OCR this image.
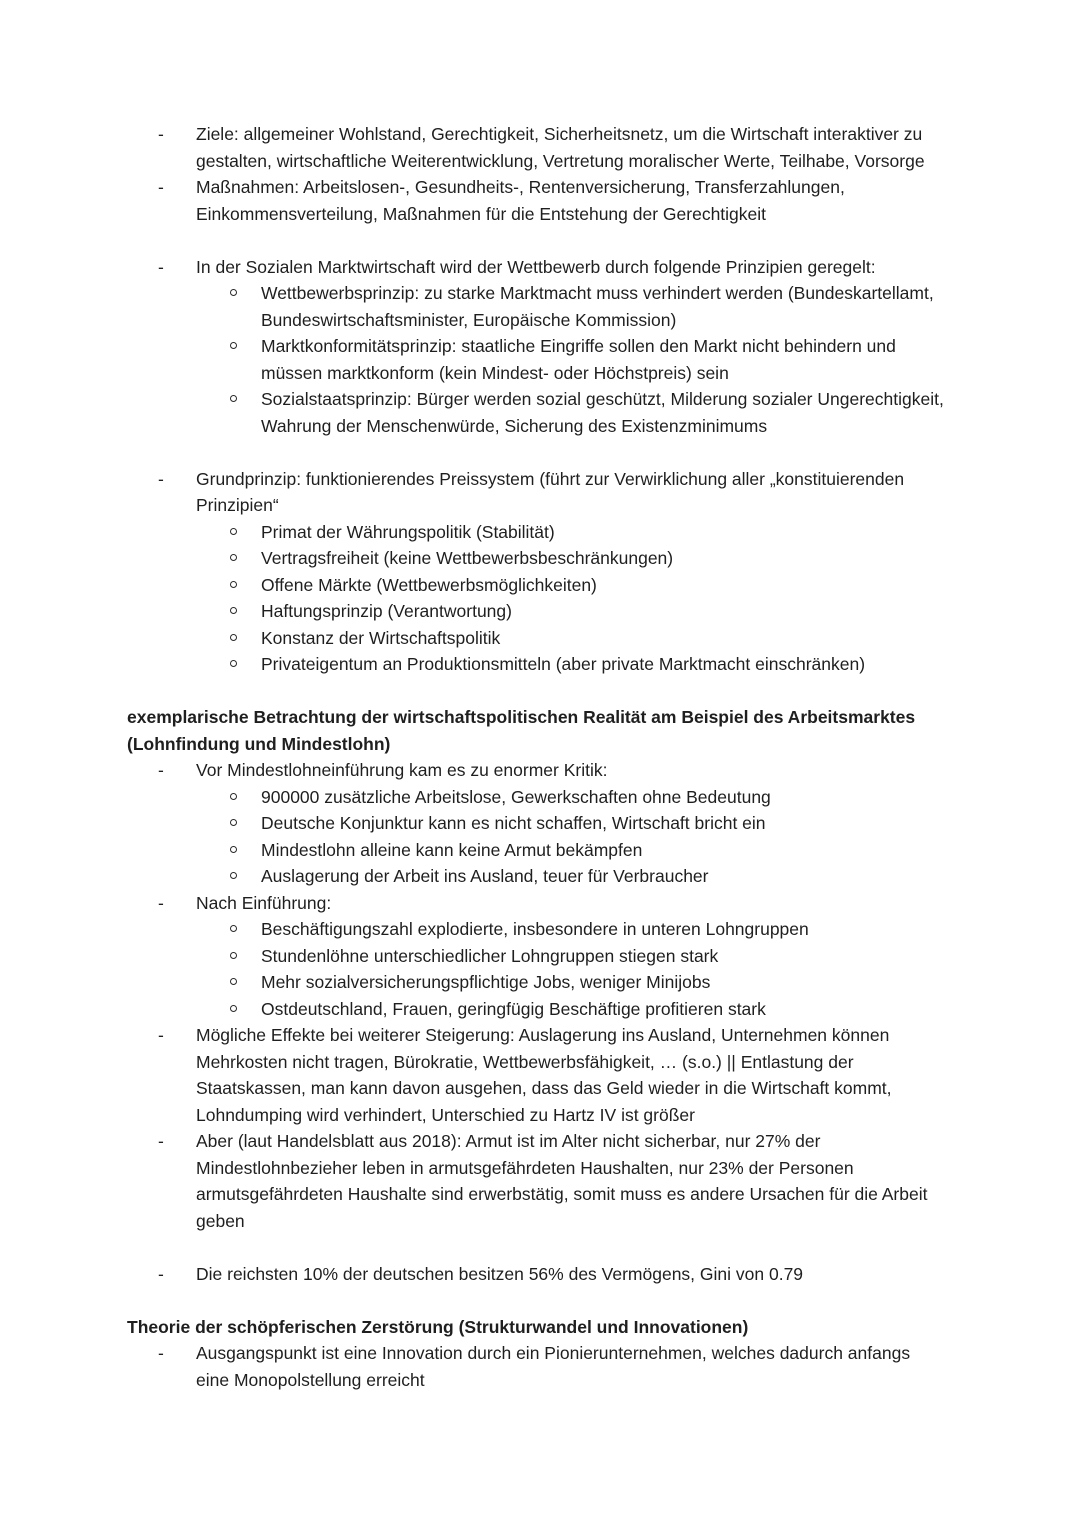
-	Ziele: allgemeiner Wohlstand, Gerechtigkeit, Sicherheitsnetz, um die Wirtschaft interaktiver zu gestalten, wirtschaftliche Weiterentwicklung, Vertretung moralischer Werte, Teilhabe, Vorsorge
-	Maßnahmen: Arbeitslosen-, Gesundheits-, Rentenversicherung, Transferzahlungen, Einkommensverteilung, Maßnahmen für die Entstehung der Gerechtigkeit
-	In der Sozialen Marktwirtschaft wird der Wettbewerb durch folgende Prinzipien geregelt:
Wettbewerbsprinzip: zu starke Marktmacht muss verhindert werden (Bundeskartellamt, Bundeswirtschaftsminister, Europäische Kommission)
Marktkonformitätsprinzip: staatliche Eingriffe sollen den Markt nicht behindern und müssen marktkonform (kein Mindest- oder Höchstpreis) sein
Sozialstaatsprinzip: Bürger werden sozial geschützt, Milderung sozialer Ungerechtigkeit, Wahrung der Menschenwürde, Sicherung des Existenzminimums
-	Grundprinzip: funktionierendes Preissystem (führt zur Verwirklichung aller „konstituierenden Prinzipien“
Primat der Währungspolitik (Stabilität)
Vertragsfreiheit (keine Wettbewerbsbeschränkungen)
Offene Märkte (Wettbewerbsmöglichkeiten)
Haftungsprinzip (Verantwortung)
Konstanz der Wirtschaftspolitik
Privateigentum an Produktionsmitteln (aber private Marktmacht einschränken)
exemplarische Betrachtung der wirtschaftspolitischen Realität am Beispiel des Arbeitsmarktes (Lohnfindung und Mindestlohn)
-	Vor Mindestlohneinführung kam es zu enormer Kritik:
900000 zusätzliche Arbeitslose, Gewerkschaften ohne Bedeutung
Deutsche Konjunktur kann es nicht schaffen, Wirtschaft bricht ein
Mindestlohn alleine kann keine Armut bekämpfen
Auslagerung der Arbeit ins Ausland, teuer für Verbraucher
-	Nach Einführung:
Beschäftigungszahl explodierte, insbesondere in unteren Lohngruppen
Stundenlöhne unterschiedlicher Lohngruppen stiegen stark
Mehr sozialversicherungspflichtige Jobs, weniger Minijobs
Ostdeutschland, Frauen, geringfügig Beschäftige profitieren stark
-	Mögliche Effekte bei weiterer Steigerung: Auslagerung ins Ausland, Unternehmen können Mehrkosten nicht tragen, Bürokratie, Wettbewerbsfähigkeit, … (s.o.) || Entlastung der Staatskassen, man kann davon ausgehen, dass das Geld wieder in die Wirtschaft kommt, Lohndumping wird verhindert, Unterschied zu Hartz IV ist größer
-	Aber (laut Handelsblatt aus 2018): Armut ist im Alter nicht sicherbar, nur 27% der Mindestlohnbezieher leben in armutsgefährdeten Haushalten, nur 23% der Personen armutsgefährdeten Haushalte sind erwerbstätig, somit muss es andere Ursachen für die Arbeit geben
-	Die reichsten 10% der deutschen besitzen 56% des Vermögens, Gini von 0.79
Theorie der schöpferischen Zerstörung (Strukturwandel und Innovationen)
-	Ausgangspunkt ist eine Innovation durch ein Pionierunternehmen, welches dadurch anfangs eine Monopolstellung erreicht
